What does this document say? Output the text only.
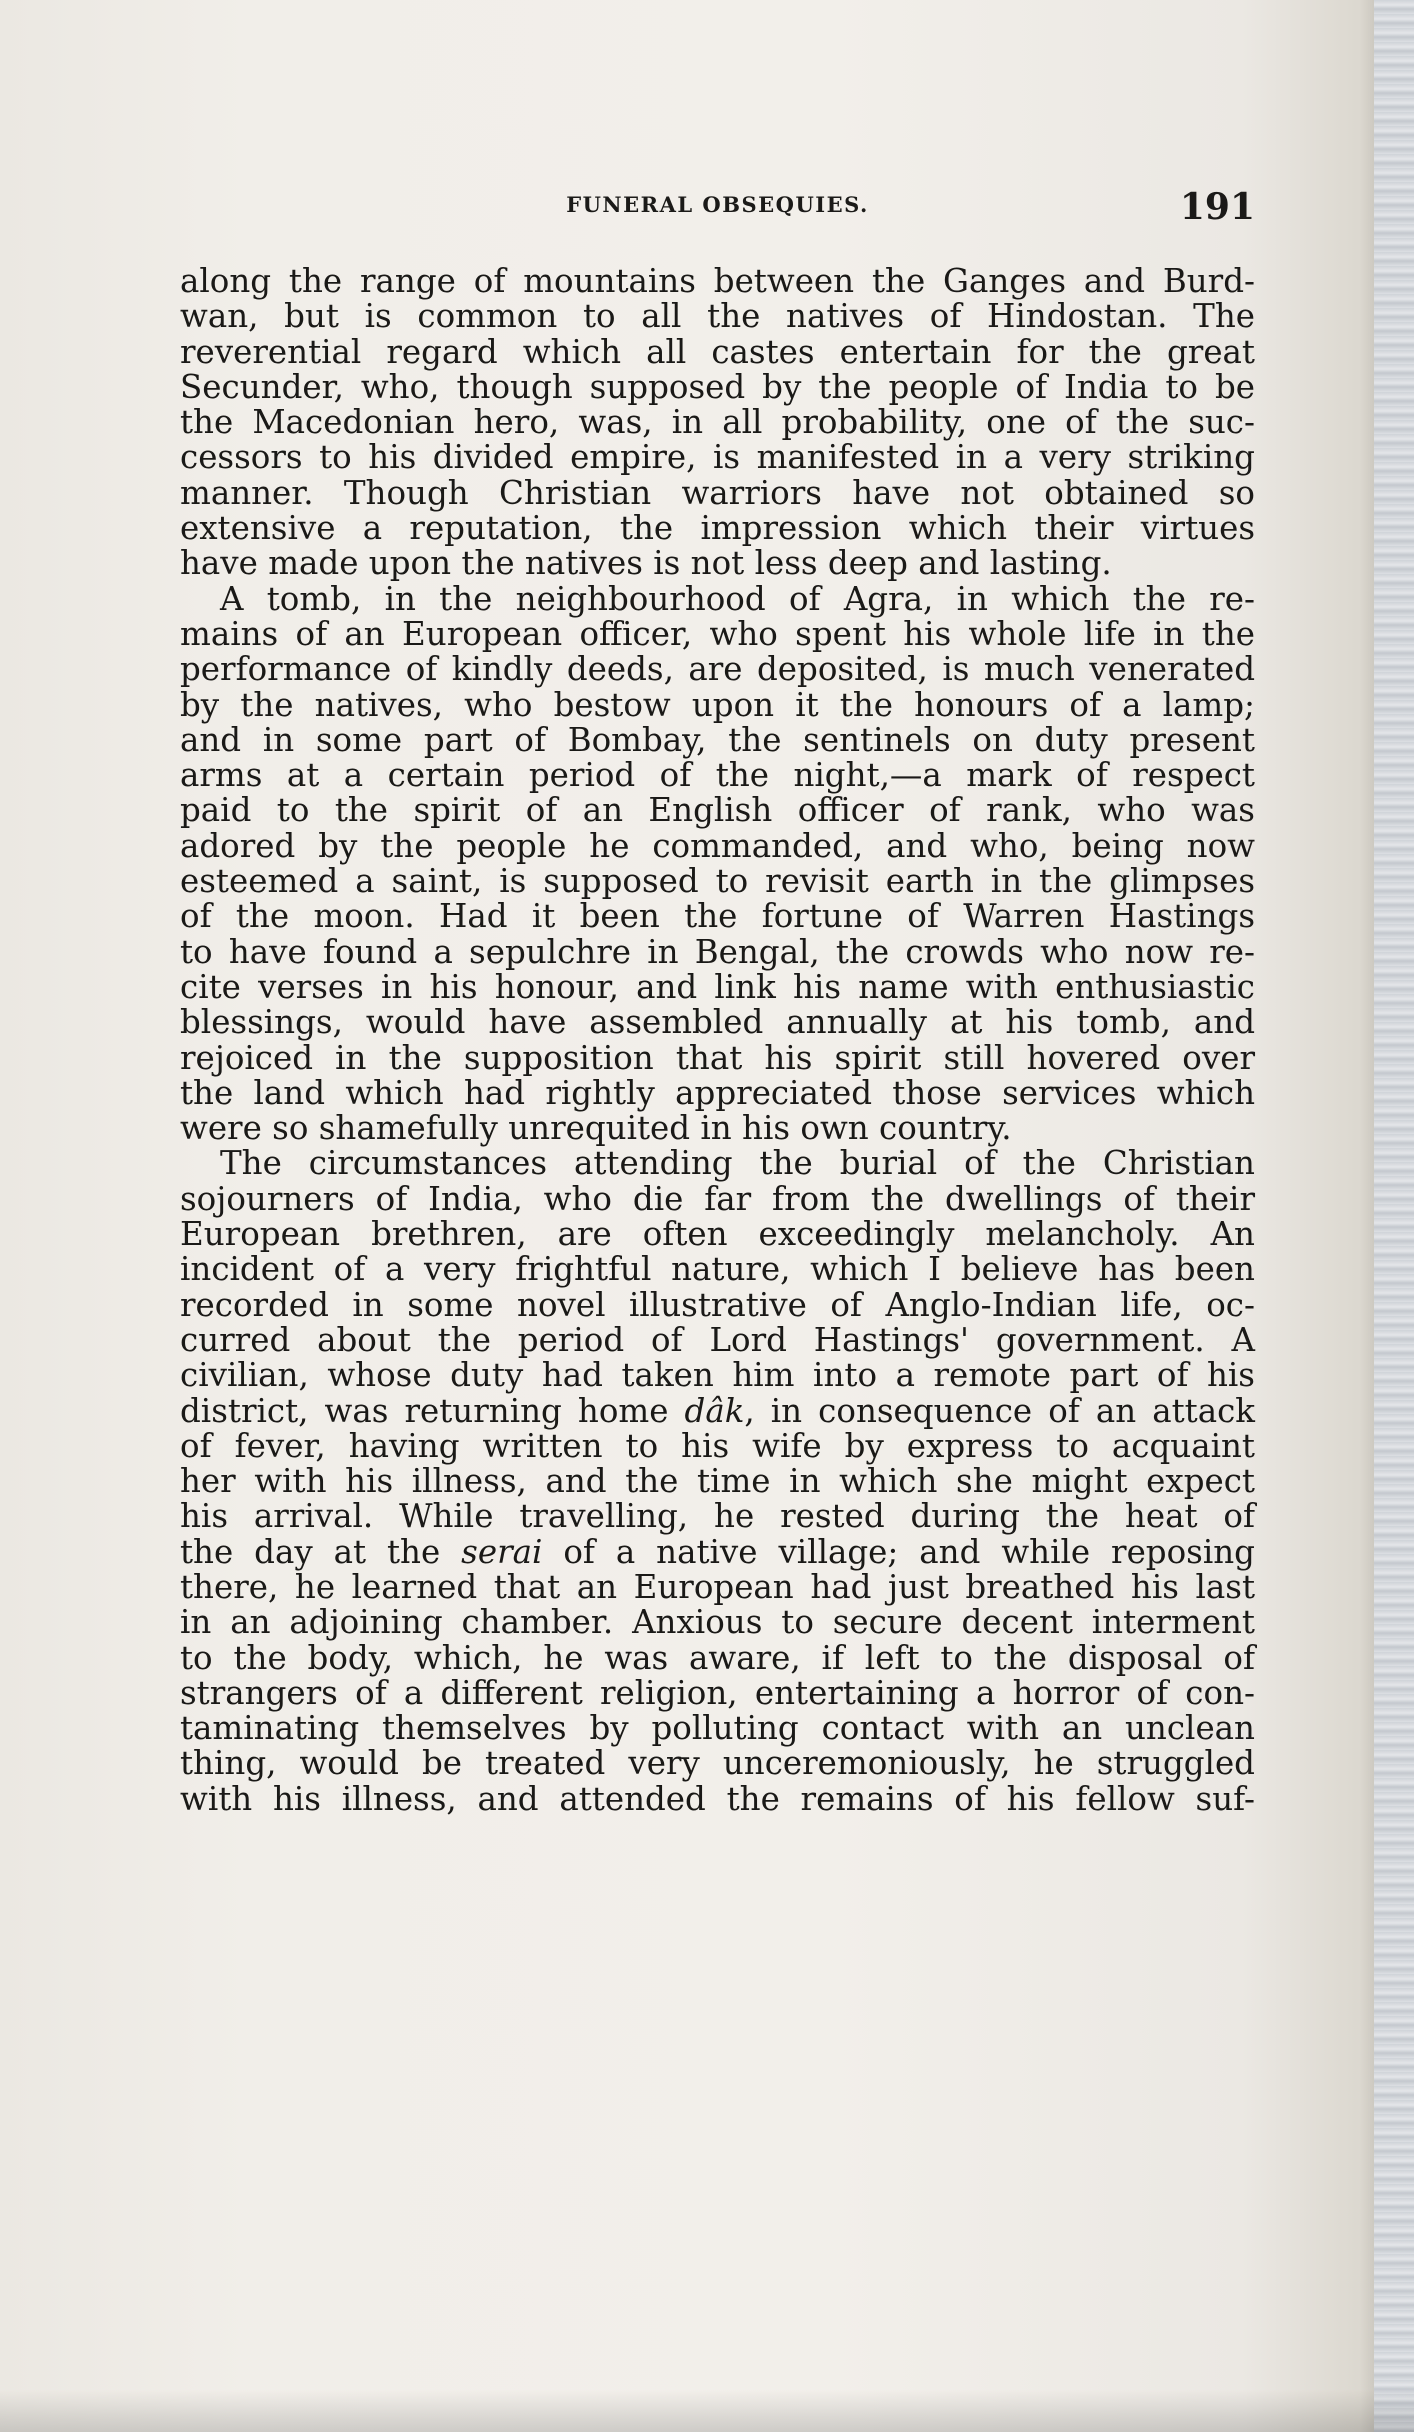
FUNERAL OBSEQUIES.	191
along the range of mountains between the Ganges and Burd-
wan, but is common to all the natives of Hindostan. The
reverential regard which all castes entertain for the great
Secunder, who, though supposed by the people of India to be
the Macedonian hero, was, in all probability, one of the suc-
cessors to his divided empire, is manifested in a very striking
manner. Though Christian warriors have not obtained so
extensive a reputation, the impression which their virtues
have made upon the natives is not less deep and lasting.
A tomb, in the neighbourhood of Agra, in which the re-
mains of an European officer, who spent his whole life in the
performance of kindly deeds, are deposited, is much venerated
by the natives, who bestow upon it the honours of a lamp;
and in some part of Bombay, the sentinels on duty present
arms at a certain period of the night,—a mark of respect
paid to the spirit of an English officer of rank, who was
adored by the people he commanded, and who, being now
esteemed a saint, is supposed to revisit earth in the glimpses
of the moon. Had it been the fortune of Warren Hastings
to have found a sepulchre in Bengal, the crowds who now re-
cite verses in his honour, and link his name with enthusiastic
blessings, would have assembled annually at his tomb, and
rejoiced in the supposition that his spirit still hovered over
the land which had rightly appreciated those services which
were so shamefully unrequited in his own country.
The circumstances attending the burial of the Christian
sojourners of India, who die far from the dwellings of their
European brethren, are often exceedingly melancholy. An
incident of a very frightful nature, which I believe has been
recorded in some novel illustrative of Anglo-Indian life, oc-
curred about the period of Lord Hastings' government. A
civilian, whose duty had taken him into a remote part of his
district, was returning home dâk, in consequence of an attack
of fever, having written to his wife by express to acquaint
her with his illness, and the time in which she might expect
his arrival. While travelling, he rested during the heat of
the day at the serai of a native village; and while reposing
there, he learned that an European had just breathed his last
in an adjoining chamber. Anxious to secure decent interment
to the body, which, he was aware, if left to the disposal of
strangers of a different religion, entertaining a horror of con-
taminating themselves by polluting contact with an unclean
thing, would be treated very unceremoniously, he struggled
with his illness, and attended the remains of his fellow suf-
